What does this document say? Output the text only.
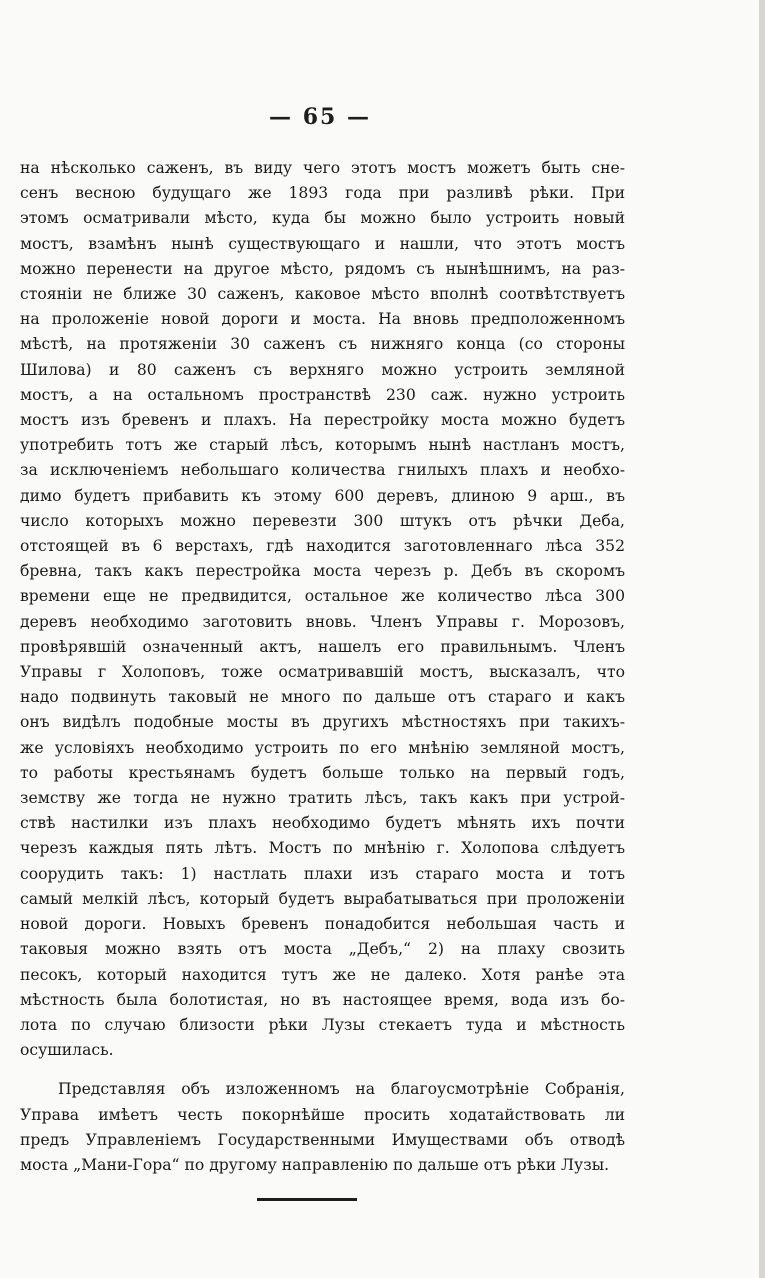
— 65 —

на нѣсколько саженъ, въ виду чего этотъ мостъ можетъ быть сне-
сенъ весною будущаго же 1893 года при разливѣ рѣки. При
этомъ осматривали мѣсто, куда бы можно было устроить новый
мостъ, взамѣнъ нынѣ существующаго и нашли, что этотъ мостъ
можно перенести на другое мѣсто, рядомъ съ нынѣшнимъ, на раз-
стояніи не ближе 30 саженъ, каковое мѣсто вполнѣ соотвѣтствуетъ
на проложеніе новой дороги и моста. На вновь предположенномъ
мѣстѣ, на протяженіи 30 саженъ съ нижняго конца (со стороны
Шилова) и 80 саженъ съ верхняго можно устроить земляной
мостъ, а на остальномъ пространствѣ 230 саж. нужно устроить
мостъ изъ бревенъ и плахъ. На перестройку моста можно будетъ
употребить тотъ же старый лѣсъ, которымъ нынѣ настланъ мостъ,
за исключеніемъ небольшаго количества гнилыхъ плахъ и необхо-
димо будетъ прибавить къ этому 600 деревъ, длиною 9 арш., въ
число которыхъ можно перевезти 300 штукъ отъ рѣчки Деба,
отстоящей въ 6 верстахъ, гдѣ находится заготовленнаго лѣса 352
бревна, такъ какъ перестройка моста черезъ р. Дебъ въ скоромъ
времени еще не предвидится, остальное же количество лѣса 300
деревъ необходимо заготовить вновь. Членъ Управы г. Морозовъ,
провѣрявшій означенный актъ, нашелъ его правильнымъ. Членъ
Управы г Холоповъ, тоже осматривавшій мостъ, высказалъ, что
надо подвинуть таковый не много по дальше отъ стараго и какъ
онъ видѣлъ подобные мосты въ другихъ мѣстностяхъ при такихъ-
же условіяхъ необходимо устроить по его мнѣнію земляной мостъ,
то работы крестьянамъ будетъ больше только на первый годъ,
земству же тогда не нужно тратить лѣсъ, такъ какъ при устрой-
ствѣ настилки изъ плахъ необходимо будетъ мѣнять ихъ почти
черезъ каждыя пять лѣтъ. Мостъ по мнѣнію г. Холопова слѣдуетъ
соорудить такъ: 1) настлать плахи изъ стараго моста и тотъ
самый мелкій лѣсъ, который будетъ вырабатываться при проложеніи
новой дороги. Новыхъ бревенъ понадобится небольшая часть и
таковыя можно взять отъ моста „Дебъ,“ 2) на плаху свозить
песокъ, который находится тутъ же не далеко. Хотя ранѣе эта
мѣстность была болотистая, но въ настоящее время, вода изъ бо-
лота по случаю близости рѣки Лузы стекаетъ туда и мѣстность
осушилась.

Представляя объ изложенномъ на благоусмотрѣніе Собранія,
Управа имѣетъ честь покорнѣйше просить ходатайствовать ли
предъ Управленіемъ Государственными Имуществами объ отводѣ
моста „Мани-Гора“ по другому направленію по дальше отъ рѣки Лузы.
